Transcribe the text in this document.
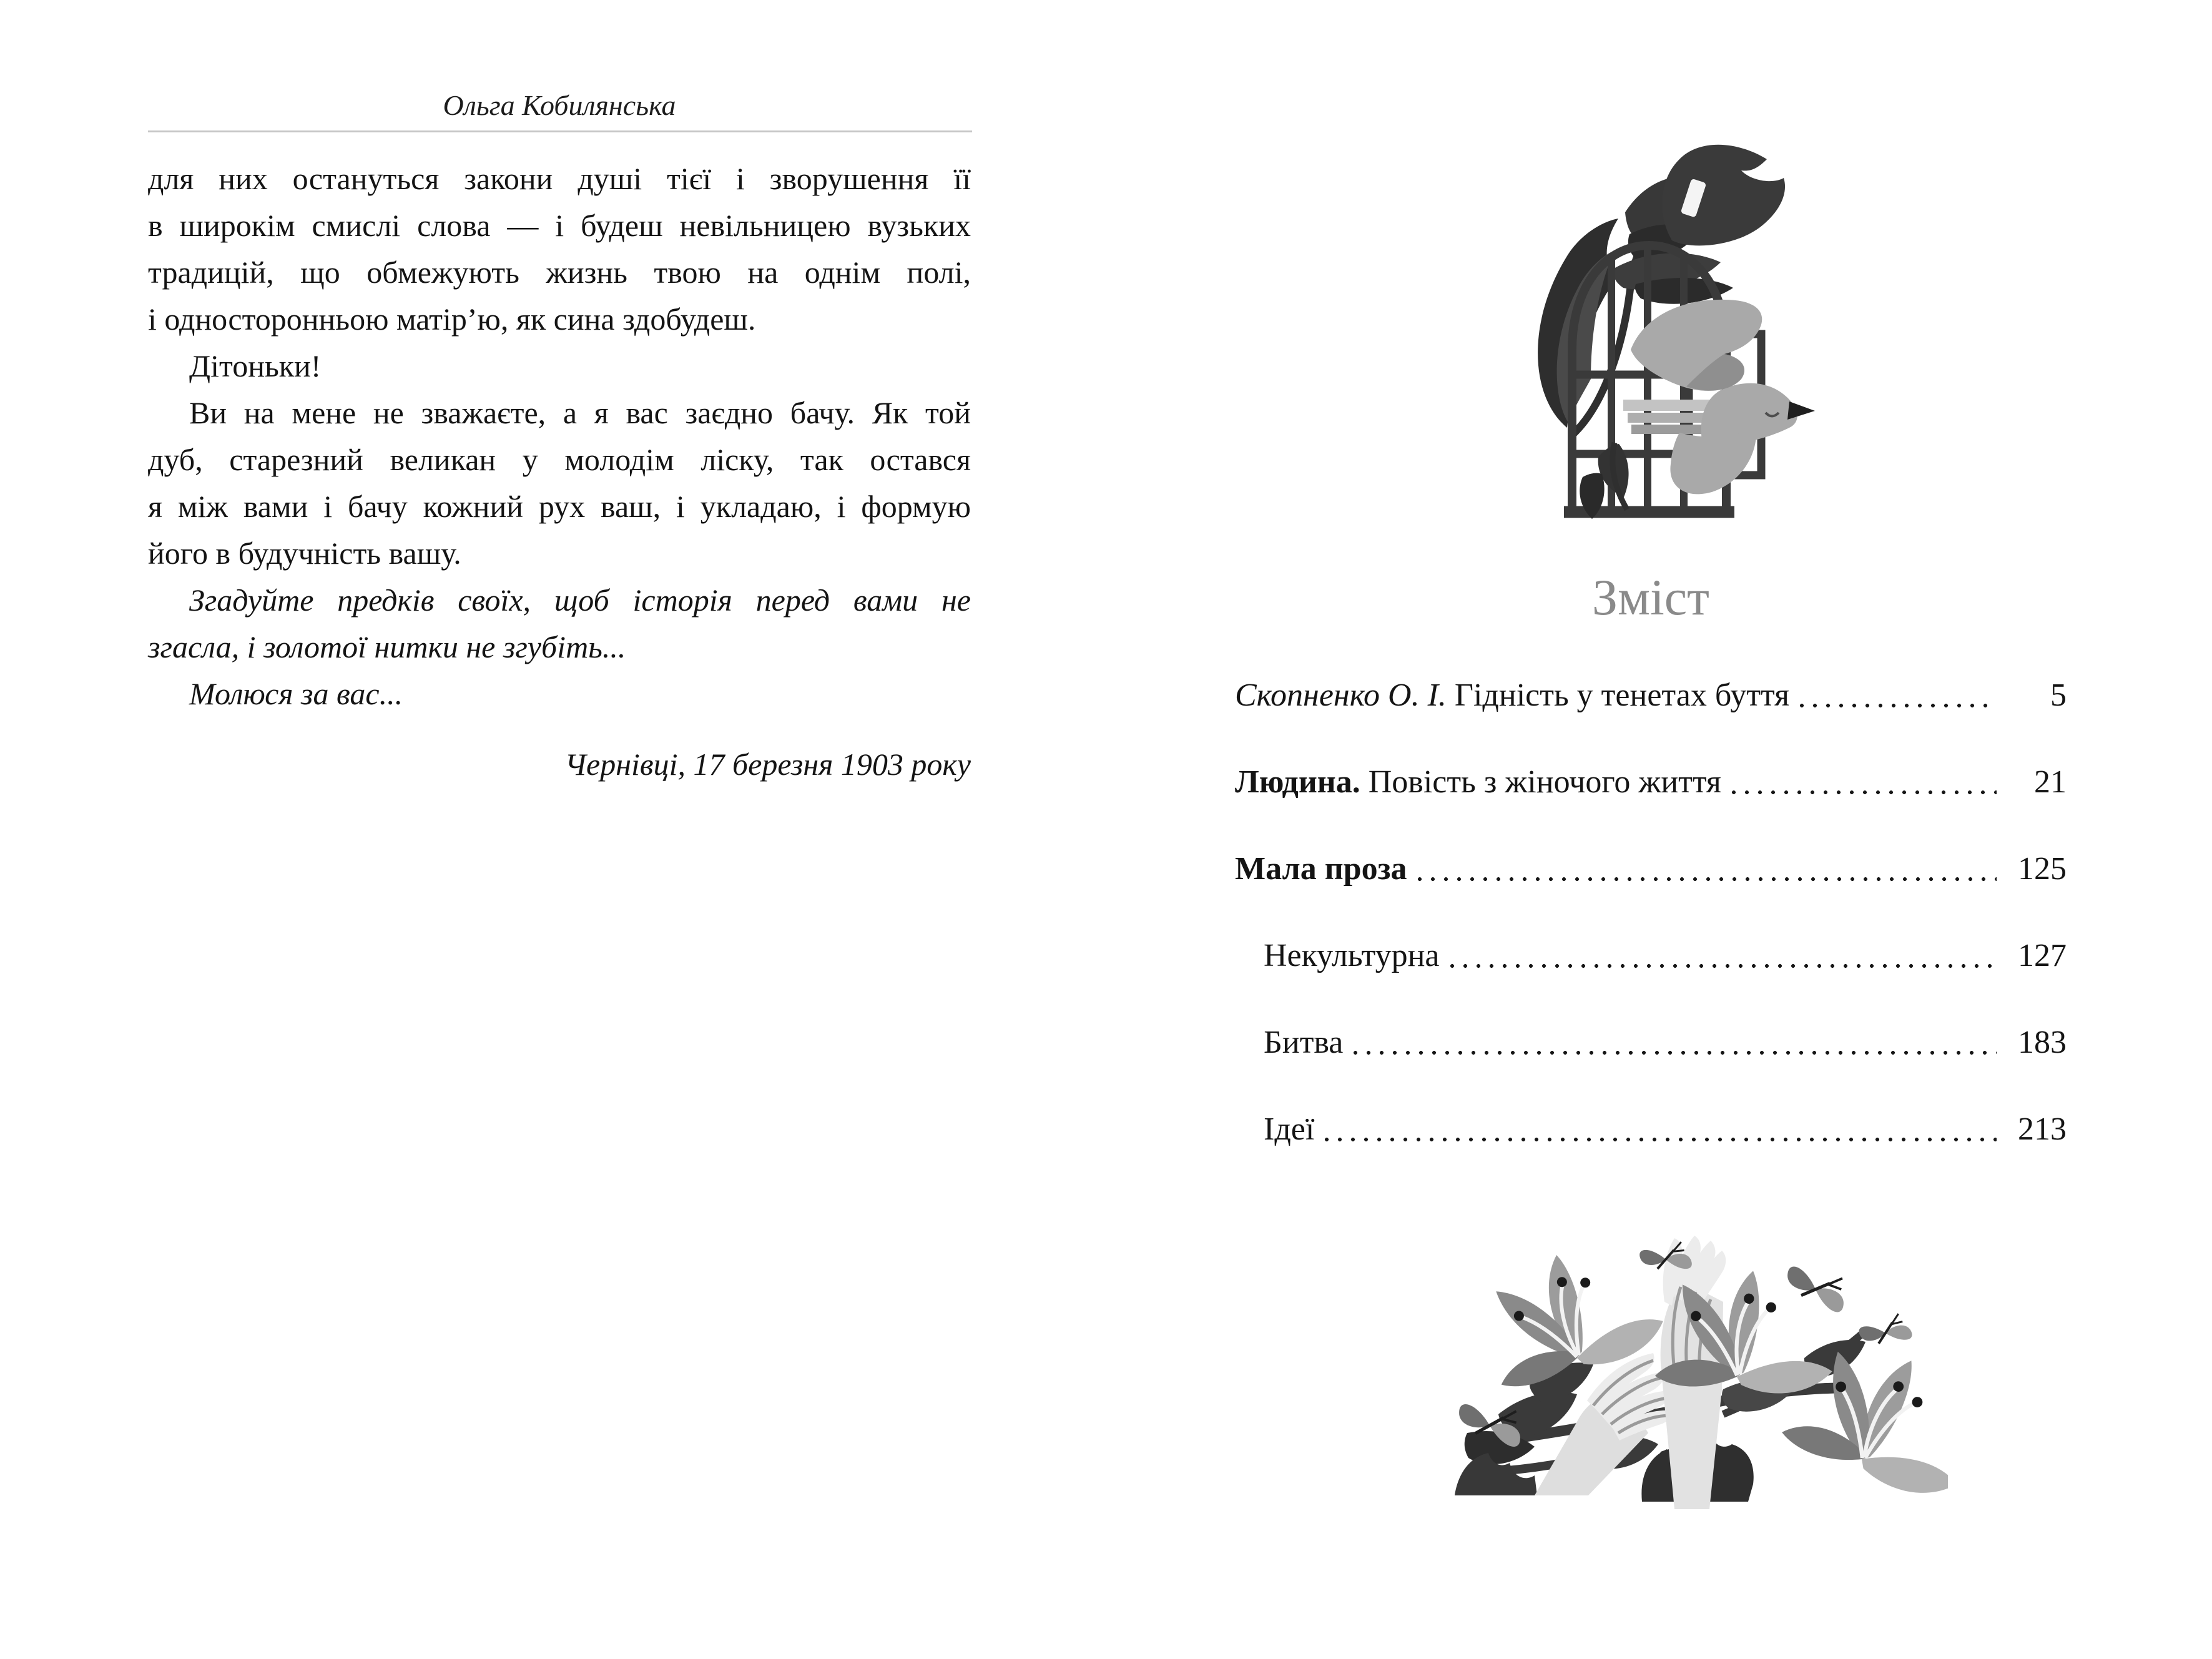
Ольга Кобилянська
для них остануться закони душі тієї і зворушення її
в широкім смислі слова — і будеш невільницею вузьких
традицій, що обмежують жизнь твою на однім полі,
і односторонньою матір’ю, як сина здобудеш.
Дітоньки!
Ви на мене не зважаєте, а я вас заєдно бачу. Як той
дуб, старезний великан у молодім ліску, так остався
я між вами і бачу кожний рух ваш, і укладаю, і формую
його в будучність вашу.
Згадуйте предків своїх, щоб історія перед вами не
згасла, і золотої нитки не згубіть...
Молюся за вас...
Чернівці, 17 березня 1903 року
Зміст
Скопненко О. І. Гідність у тенетах буття	5
Людина. Повість з жіночого життя	21
Мала проза	125
Некультурна	127
Битва	183
Ідеї	213
